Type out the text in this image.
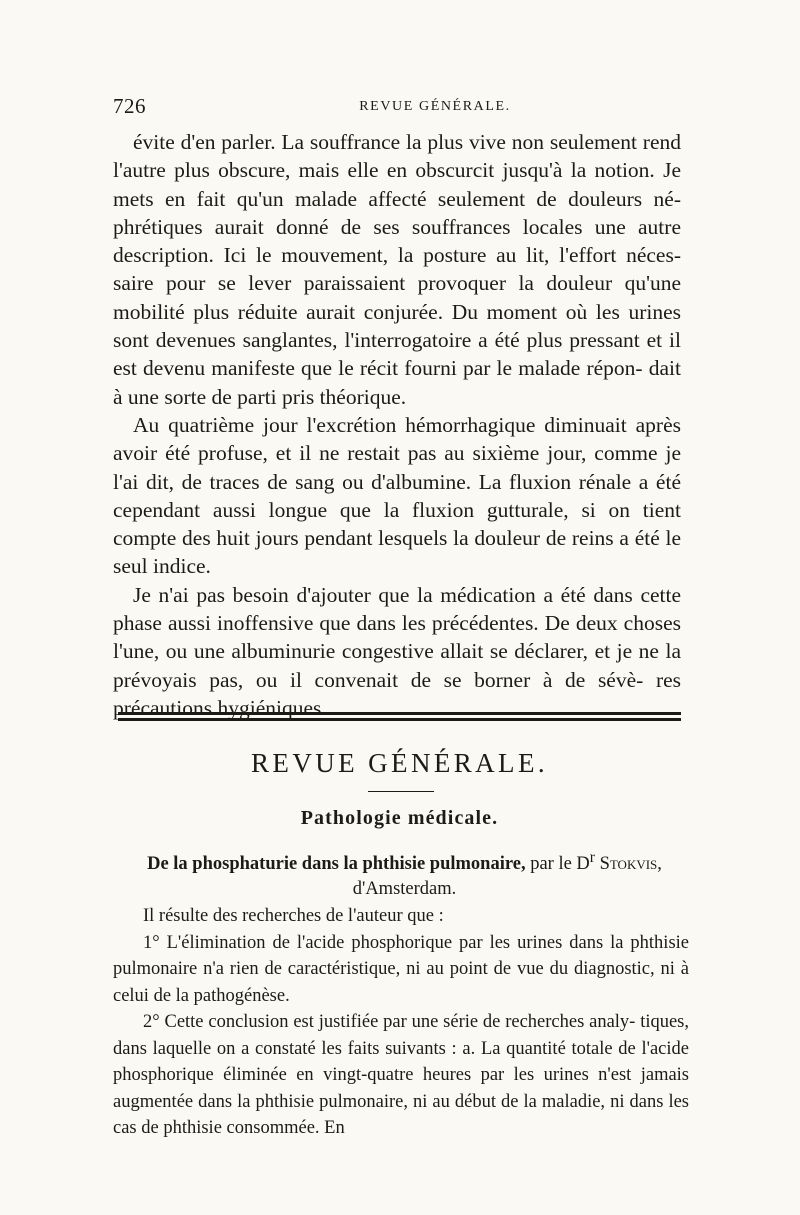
726	REVUE GÉNÉRALE.

évite d'en parler. La souffrance la plus vive non seulement rend l'autre plus obscure, mais elle en obscurcit jusqu'à la notion. Je mets en fait qu'un malade affecté seulement de douleurs né- phrétiques aurait donné de ses souffrances locales une autre description. Ici le mouvement, la posture au lit, l'effort néces- saire pour se lever paraissaient provoquer la douleur qu'une mobilité plus réduite aurait conjurée. Du moment où les urines sont devenues sanglantes, l'interrogatoire a été plus pressant et il est devenu manifeste que le récit fourni par le malade répon- dait à une sorte de parti pris théorique.

Au quatrième jour l'excrétion hémorrhagique diminuait après avoir été profuse, et il ne restait pas au sixième jour, comme je l'ai dit, de traces de sang ou d'albumine. La fluxion rénale a été cependant aussi longue que la fluxion gutturale, si on tient compte des huit jours pendant lesquels la douleur de reins a été le seul indice.

Je n'ai pas besoin d'ajouter que la médication a été dans cette phase aussi inoffensive que dans les précédentes. De deux choses l'une, ou une albuminurie congestive allait se déclarer, et je ne la prévoyais pas, ou il convenait de se borner à de sévè- res précautions hygiéniques.

REVUE GÉNÉRALE.
Pathologie médicale.
De la phosphaturie dans la phthisie pulmonaire, par le $D^r$ Stokvis,
d'Amsterdam.

Il résulte des recherches de l'auteur que :

1° L'élimination de l'acide phosphorique par les urines dans la phthisie pulmonaire n'a rien de caractéristique, ni au point de vue du diagnostic, ni à celui de la pathogénèse.

2° Cette conclusion est justifiée par une série de recherches analy- tiques, dans laquelle on a constaté les faits suivants : a. La quantité totale de l'acide phosphorique éliminée en vingt-quatre heures par les urines n'est jamais augmentée dans la phthisie pulmonaire, ni au début de la maladie, ni dans les cas de phthisie consommée. En
